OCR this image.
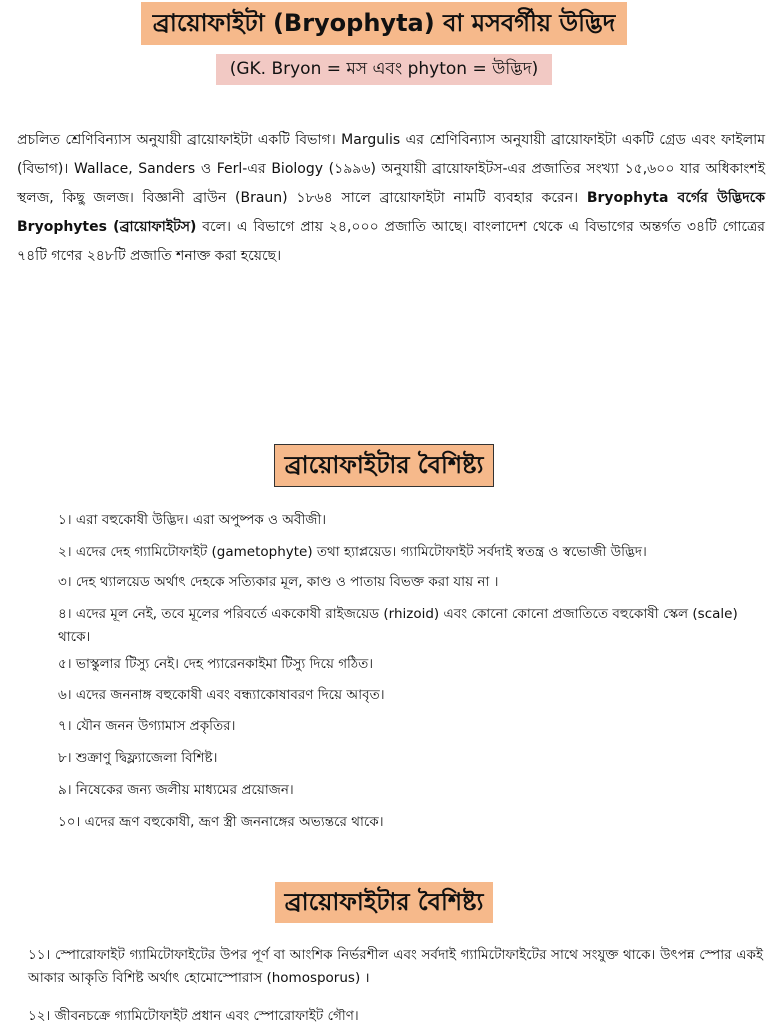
ব্রায়োফাইটা (Bryophyta) বা মসবর্গীয় উদ্ভিদ
(GK. Bryon = মস এবং phyton = উদ্ভিদ)

প্রচলিত শ্রেণিবিন্যাস অনুযায়ী ব্রায়োফাইটা একটি বিভাগ। Margulis এর শ্রেণিবিন্যাস অনুযায়ী ব্রায়োফাইটা একটি গ্রেড এবং ফাইলাম (বিভাগ)। Wallace, Sanders ও Ferl-এর Biology (১৯৯৬) অনুযায়ী ব্রায়োফাইটস-এর প্রজাতির সংখ্যা ১৫,৬০০ যার অধিকাংশই স্থলজ, কিছু জলজ। বিজ্ঞানী ব্রাউন (Braun) ১৮৬৪ সালে ব্রায়োফাইটা নামটি ব্যবহার করেন। Bryophyta বর্গের উদ্ভিদকে Bryophytes (ব্রায়োফাইটস) বলে। এ বিভাগে প্রায় ২৪,০০০ প্রজাতি আছে। বাংলাদেশ থেকে এ বিভাগের অন্তর্গত ৩৪টি গোত্রের ৭৪টি গণের ২৪৮টি প্রজাতি শনাক্ত করা হয়েছে।

ব্রায়োফাইটার বৈশিষ্ট্য
১। এরা বহুকোষী উদ্ভিদ। এরা অপুষ্পক ও অবীজী।
২। এদের দেহ গ্যামিটোফাইট (gametophyte) তথা হ্যাপ্লয়েড। গ্যামিটোফাইট সর্বদাই স্বতন্ত্র ও স্বভোজী উদ্ভিদ।
৩। দেহ থ্যালয়েড অর্থাৎ দেহকে সত্যিকার মূল, কাণ্ড ও পাতায় বিভক্ত করা যায় না ।
৪। এদের মূল নেই, তবে মূলের পরিবর্তে এককোষী রাইজয়েড (rhizoid) এবং কোনো কোনো প্রজাতিতে বহুকোষী স্কেল (scale) থাকে।
৫। ভাস্কুলার টিস্যু নেই। দেহ প্যারেনকাইমা টিস্যু দিয়ে গঠিত।
৬। এদের জননাঙ্গ বহুকোষী এবং বন্ধ্যাকোষাবরণ দিয়ে আবৃত।
৭। যৌন জনন উগ্যামাস প্রকৃতির।
৮। শুক্রাণু দ্বিফ্ল্যাজেলা বিশিষ্ট।
৯। নিষেকের জন্য জলীয় মাধ্যমের প্রয়োজন।
১০। এদের ভ্রূণ বহুকোষী, ভ্রূণ স্ত্রী জননাঙ্গের অভ্যন্তরে থাকে।
ব্রায়োফাইটার বৈশিষ্ট্য
১১। স্পোরোফাইট গ্যামিটোফাইটের উপর পূর্ণ বা আংশিক নির্ভরশীল এবং সর্বদাই গ্যামিটোফাইটের সাথে সংযুক্ত থাকে। উৎপন্ন স্পোর একই আকার আকৃতি বিশিষ্ট অর্থাৎ হোমোস্পোরাস (homosporus) ।
১২। জীবনচক্রে গ্যামিটোফাইট প্রধান এবং স্পোরোফাইট গৌণ।
